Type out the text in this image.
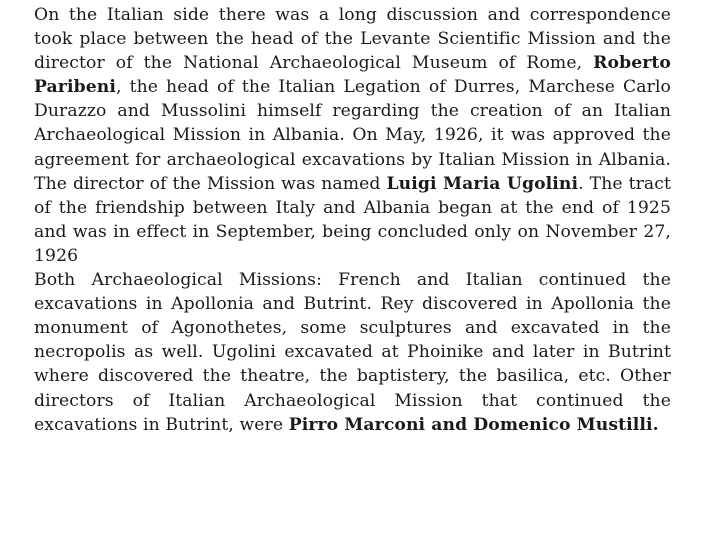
On the Italian side there was a long discussion and correspondence took place between the head of the Levante Scientific Mission and the director of the National Archaeological Museum of Rome, Roberto Paribeni, the head of the Italian Legation of Durres, Marchese Carlo Durazzo and Mussolini himself regarding the creation of an Italian Archaeological Mission in Albania. On May, 1926, it was approved the agreement for archaeological excavations by Italian Mission in Albania. The director of the Mission was named Luigi Maria Ugolini. The tract of the friendship between Italy and Albania began at the end of 1925 and was in effect in September, being concluded only on November 27, 1926

Both Archaeological Missions: French and Italian continued the excavations in Apollonia and Butrint. Rey discovered in Apollonia the monument of Agonothetes, some sculptures and excavated in the necropolis as well. Ugolini excavated at Phoinike and later in Butrint where discovered the theatre, the baptistery, the basilica, etc. Other directors of Italian Archaeological Mission that continued the excavations in Butrint, were Pirro Marconi and Domenico Mustilli.
